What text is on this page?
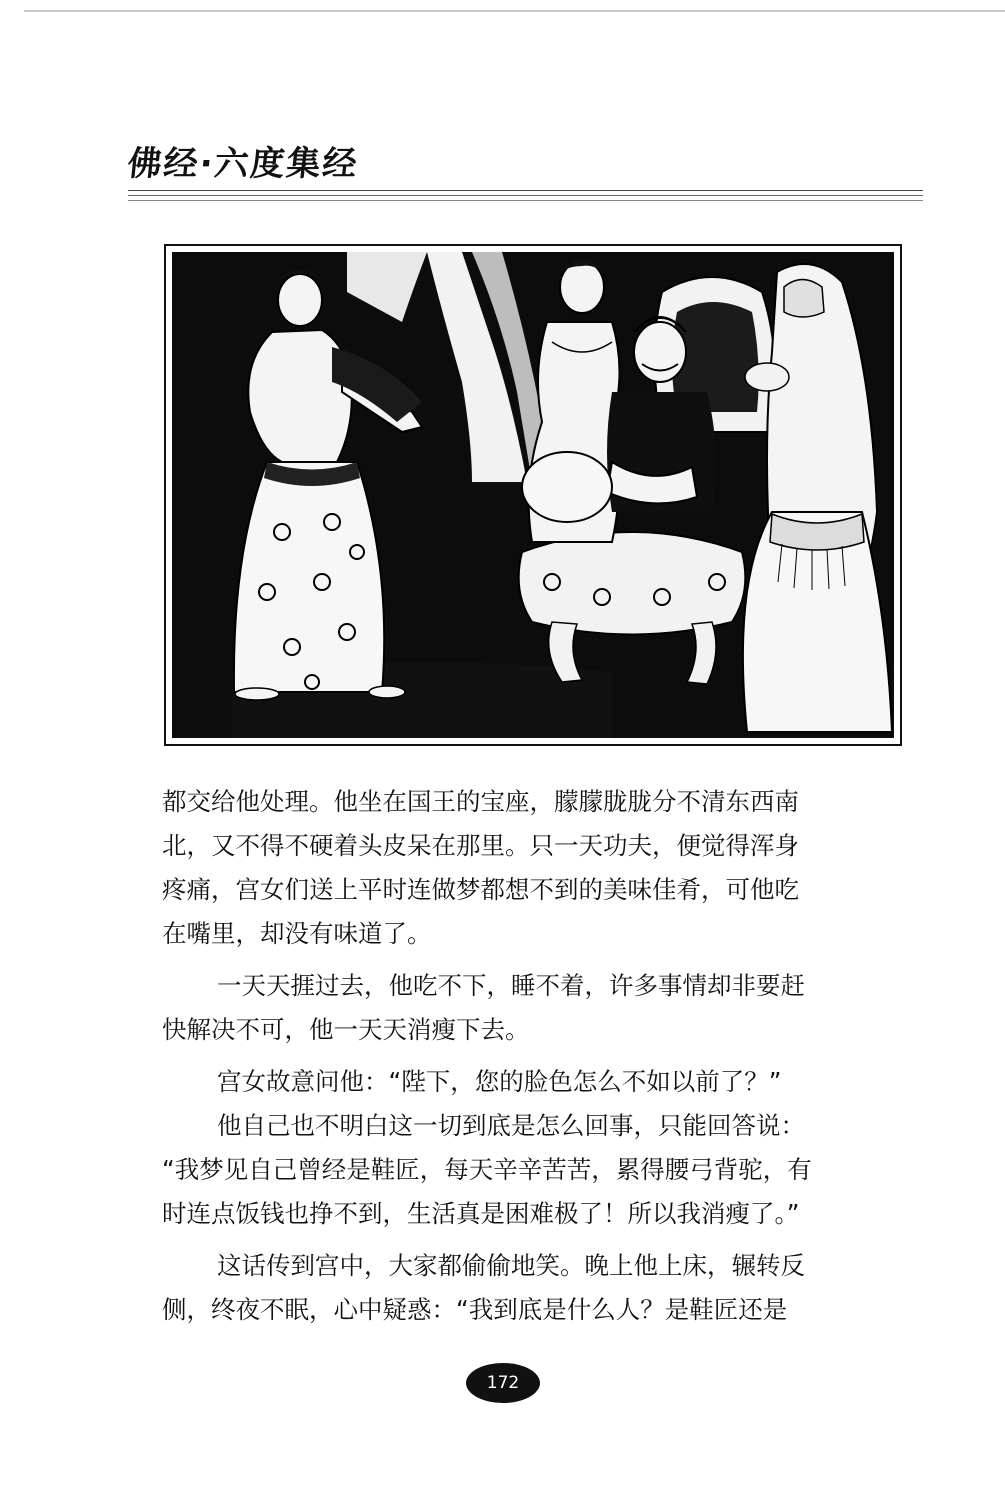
佛经·六度集经
都交给他处理。他坐在国王的宝座，朦朦胧胧分不清东西南
北，又不得不硬着头皮呆在那里。只一天功夫，便觉得浑身
疼痛，宫女们送上平时连做梦都想不到的美味佳肴，可他吃
在嘴里，却没有味道了。
一天天捱过去，他吃不下，睡不着，许多事情却非要赶
快解决不可，他一天天消瘦下去。
宫女故意问他：“陛下，您的脸色怎么不如以前了？”
他自己也不明白这一切到底是怎么回事，只能回答说：
“我梦见自己曾经是鞋匠，每天辛辛苦苦，累得腰弓背驼，有
时连点饭钱也挣不到，生活真是困难极了！所以我消瘦了。”
这话传到宫中，大家都偷偷地笑。晚上他上床，辗转反
侧，终夜不眠，心中疑惑：“我到底是什么人？是鞋匠还是
172
